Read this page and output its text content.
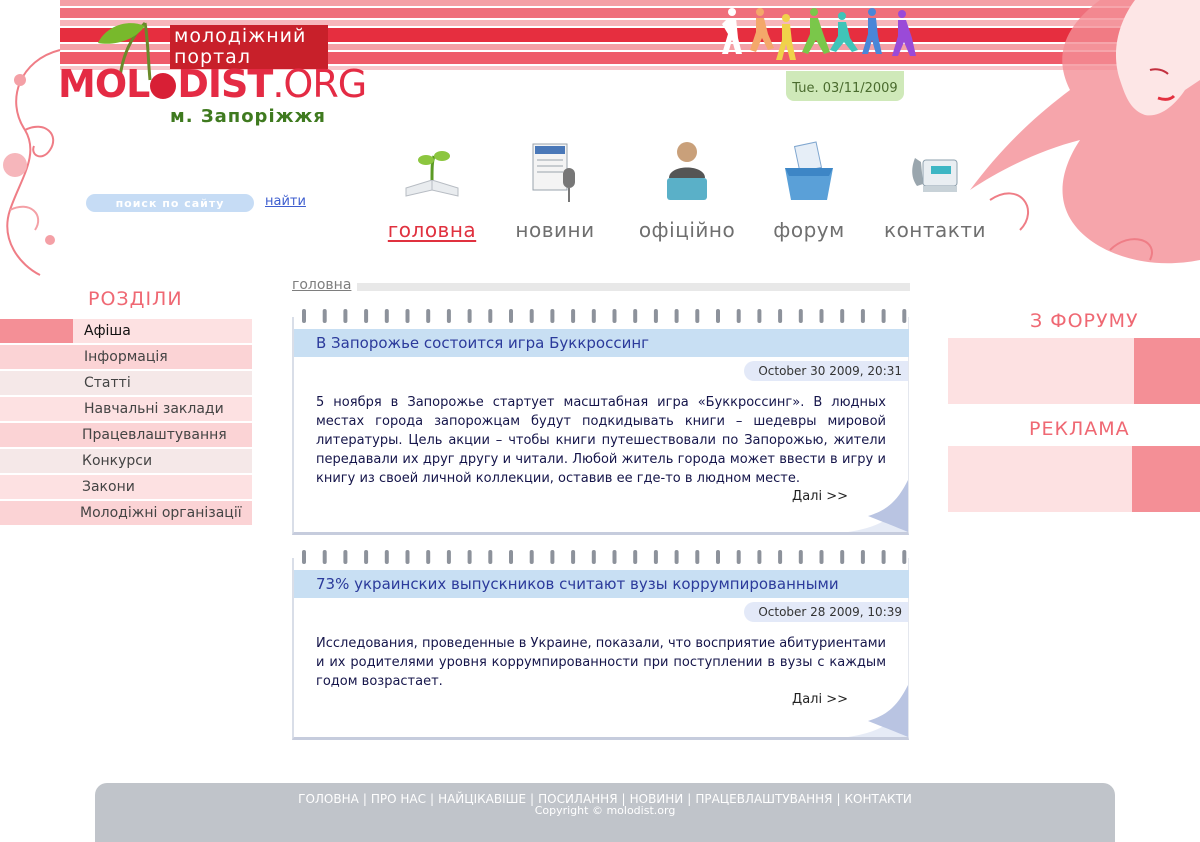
молодіжний
портал
MOL DIST.ORG
м. Запоріжжя
Tue. 03/11/2009
поиск по сайту
найти
головна	новини	офіційно	форум	контакти
РОЗДІЛИ
Афіша
Інформація
Статті
Навчальні заклади
Працевлаштування
Конкурси
Закони
Молодіжні організації
головна
В Запорожье состоится игра Буккроссинг
October 30 2009, 20:31
5 ноября в Запорожье стартует масштабная игра «Буккроссинг». В людных местах города запорожцам будут подкидывать книги – шедевры мировой литературы. Цель акции – чтобы книги путешествовали по Запорожью, жители передавали их друг другу и читали. Любой житель города может ввести в игру и книгу из своей личной коллекции, оставив ее где-то в людном месте.
Далі >>
73% украинских выпускников считают вузы коррумпированными
October 28 2009, 10:39
Исследования, проведенные в Украине, показали, что восприятие абитуриентами и их родителями уровня коррумпированности при поступлении в вузы с каждым годом возрастает.
Далі >>
З ФОРУМУ
РЕКЛАМА
ГОЛОВНА | ПРО НАС | НАЙЦІКАВІШЕ | ПОСИЛАННЯ | НОВИНИ | ПРАЦЕВЛАШТУВАННЯ | КОНТАКТИ
Copyright © molodist.org
